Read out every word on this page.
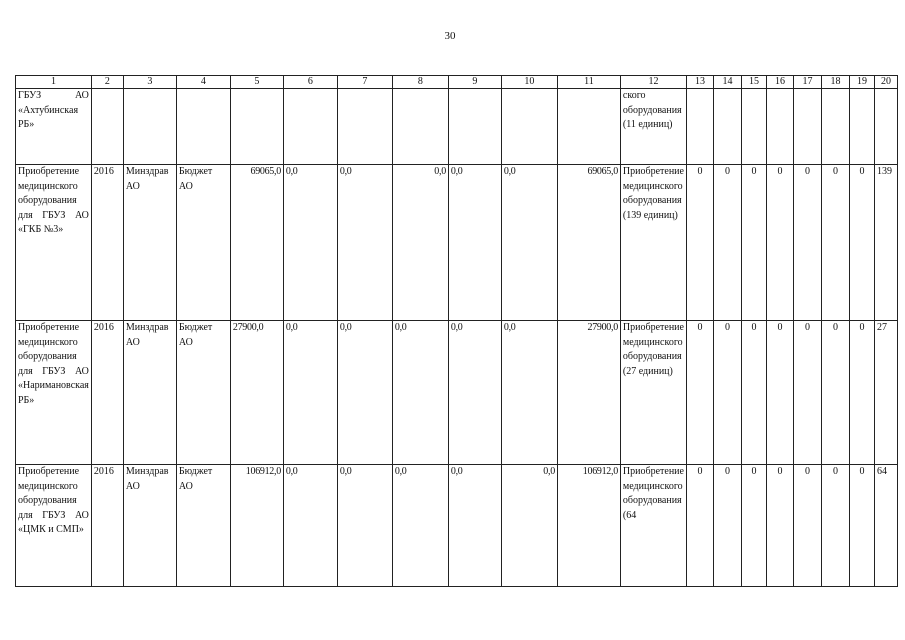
30
1	2	3	4	5	6	7	8	9	10	11	12	13	14	15	16	17	18	19	20
ГБУЗ АО «Ахтубинская РБ»											ского оборудования (11 единиц)								
Приобретение медицинского оборудования для ГБУЗ АО «ГКБ №3»	2016	Минздрав АО	Бюджет АО	69065,0	0,0	0,0	0,0	0,0	0,0	69065,0	Приобретение медицинского оборудования (139 единиц)	0	0	0	0	0	0	0	139
Приобретение медицинского оборудования для ГБУЗ АО «Наримановская РБ»	2016	Минздрав АО	Бюджет АО	27900,0	0,0	0,0	0,0	0,0	0,0	27900,0	Приобретение медицинского оборудования (27 единиц)	0	0	0	0	0	0	0	27
Приобретение медицинского оборудования для ГБУЗ АО «ЦМК и СМП»	2016	Минздрав АО	Бюджет АО	106912,0	0,0	0,0	0,0	0,0	0,0	106912,0	Приобретение медицинского оборудования (64	0	0	0	0	0	0	0	64
